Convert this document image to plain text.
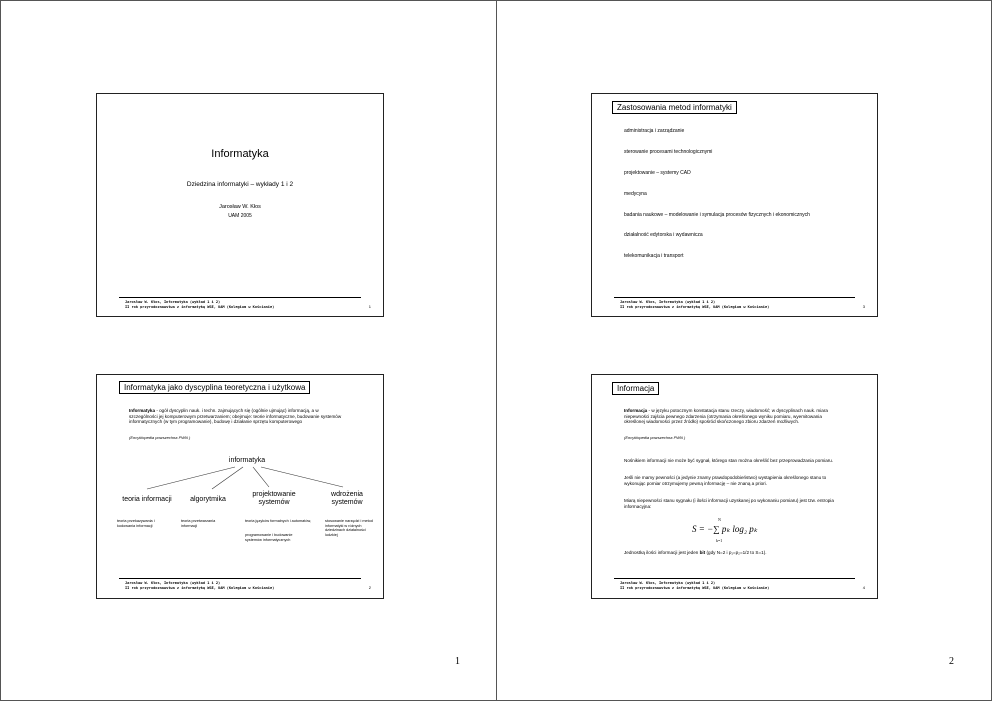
Informatyka
Dziedzina informatyki – wykłady 1 i 2
Jarosław W. Kłos
UAM 2005
Jarosław W. Kłos, Informatyka (wykład 1 i 2)
II rok przyrodoznawstwa z informatyką WSE, UAM (Kolegium w Kościanie)	1
Informatyka jako dyscyplina teoretyczna i użytkowa
Informatyka - ogół dyscyplin nauk. i techn. zajmujących się (ogólnie ujmując) informacją, a w szczególności jej komputerowym przetwarzaniem; obejmuje: teorie informatyczne, budowanie systemów informatycznych (w tym programowanie), budowę i działanie sprzętu komputerowego
(Encyklopedia powszechna PWN )
informatyka
teoria informacji	algorytmika
projektowanie systemów
wdrożenia systemów
teoria przekazywania i kodowania informacji
teoria przetwarzania informacji
teoria języków formalnych i automatów,
programowanie i budowanie systemów informatycznych
stosowanie narzędzi i metod informatyki w różnych dziedzinach działalności ludzkiej
Jarosław W. Kłos, Informatyka (wykład 1 i 2)
II rok przyrodoznawstwa z informatyką WSE, UAM (Kolegium w Kościanie)	2
1
Zastosowania metod informatyki
administracja i zarządzanie
sterowanie procesami technologicznymi
projektowanie – systemy CAD
medycyna
badania naukowe – modelowanie i symulacja procesów fizycznych i ekonomicznych
działalność edytorska i wydawnicza
telekomunikacja i transport
Jarosław W. Kłos, Informatyka (wykład 1 i 2)
II rok przyrodoznawstwa z informatyką WSE, UAM (Kolegium w Kościanie)	3
Informacja
Informacja - w języku potocznym konstatacja stanu rzeczy, wiadomość; w dyscyplinach nauk. miara niepewności zajścia pewnego zdarzenia (otrzymania określonego wyniku pomiaru, wyemitowania określonej wiadomości przez źródło) spośród skończonego zbioru zdarzeń możliwych.
(Encyklopedia powszechna PWN )
Nośnikiem informacji nie może być sygnał, którego stan można określić bez przeprowadzania pomiaru.
Jeśli nie mamy pewności (a jedynie znamy prawdopodobieństwo) wystąpienia określonego stanu to wykonując pomiar otrzymujemy pewną informację – nie znaną a priori.
Miarą niepewności stanu sygnału (i ilości informacji uzyskanej po wykonaniu pomiaru) jest tzw. entropia informacyjna:
N
S = −∑ pₖ log₂ pₖ
k=1
Jednostką ilości informacji jest jeden bit (gdy N=2 i p₁=p₂=1/2 to S=1).
Jarosław W. Kłos, Informatyka (wykład 1 i 2)
II rok przyrodoznawstwa z informatyką WSE, UAM (Kolegium w Kościanie)	4
2
